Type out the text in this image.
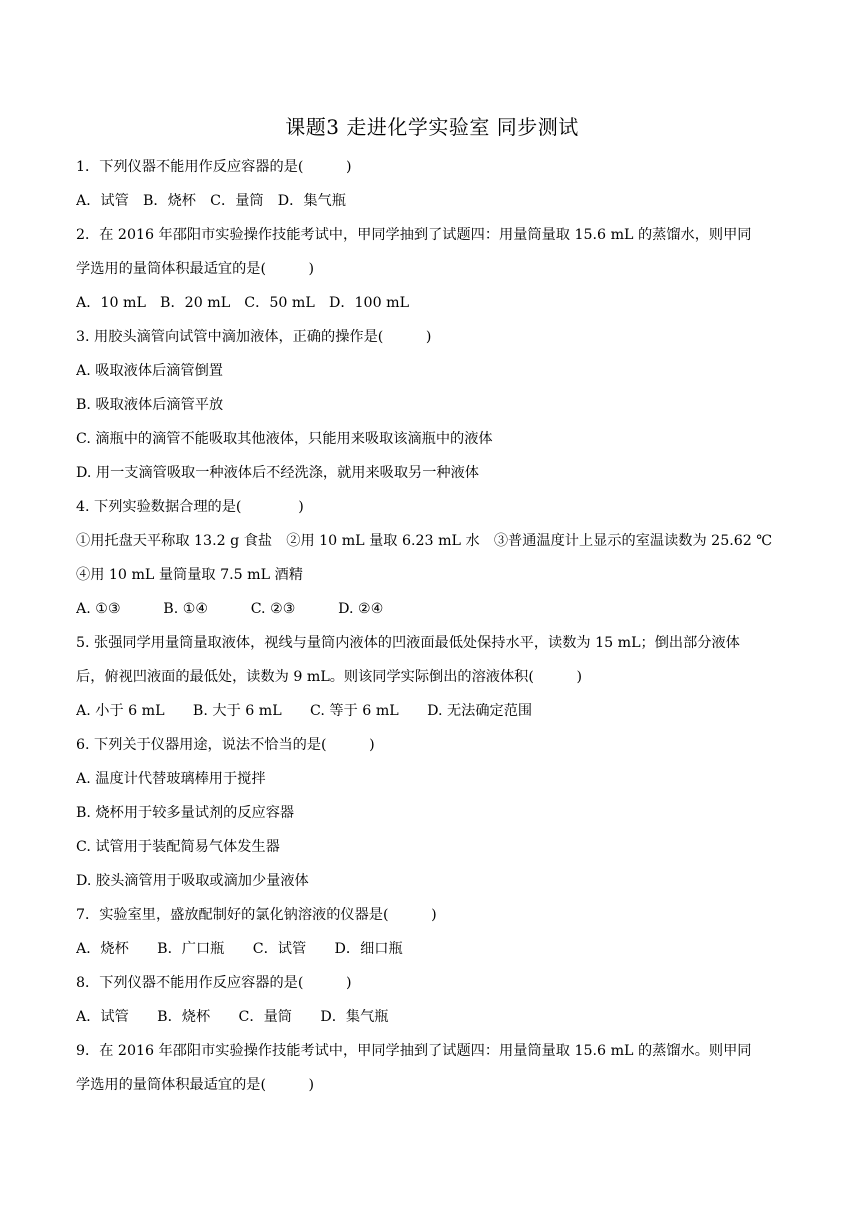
课题3 走进化学实验室 同步测试
1．下列仪器不能用作反应容器的是(　　　)
A．试管　B．烧杯　C．量筒　D．集气瓶
2．在 2016 年邵阳市实验操作技能考试中，甲同学抽到了试题四：用量筒量取 15.6 mL 的蒸馏水，则甲同
学选用的量筒体积最适宜的是(　　　)
A．10 mL　B．20 mL　C．50 mL　D．100 mL
3. 用胶头滴管向试管中滴加液体，正确的操作是(　　　)
A. 吸取液体后滴管倒置
B. 吸取液体后滴管平放
C. 滴瓶中的滴管不能吸取其他液体，只能用来吸取该滴瓶中的液体
D. 用一支滴管吸取一种液体后不经洗涤，就用来吸取另一种液体
4. 下列实验数据合理的是(　　　　)
①用托盘天平称取 13.2 g 食盐　②用 10 mL 量取 6.23 mL 水　③普通温度计上显示的室温读数为 25.62 ℃
④用 10 mL 量筒量取 7.5 mL 酒精
A. ①③　　　B. ①④　　　C. ②③　　　D. ②④
5. 张强同学用量筒量取液体，视线与量筒内液体的凹液面最低处保持水平，读数为 15 mL；倒出部分液体
后，俯视凹液面的最低处，读数为 9 mL。则该同学实际倒出的溶液体积(　　　)
A. 小于 6 mL　　B. 大于 6 mL　　C. 等于 6 mL　　D. 无法确定范围
6. 下列关于仪器用途，说法不恰当的是(　　　)
A. 温度计代替玻璃棒用于搅拌
B. 烧杯用于较多量试剂的反应容器
C. 试管用于装配简易气体发生器
D. 胶头滴管用于吸取或滴加少量液体
7．实验室里，盛放配制好的氯化钠溶液的仪器是(　　　)
A．烧杯　　B．广口瓶　　C．试管　　D．细口瓶
8．下列仪器不能用作反应容器的是(　　　)
A．试管　　B．烧杯　　C．量筒　　D．集气瓶
9．在 2016 年邵阳市实验操作技能考试中，甲同学抽到了试题四：用量筒量取 15.6 mL 的蒸馏水。则甲同
学选用的量筒体积最适宜的是(　　　)
